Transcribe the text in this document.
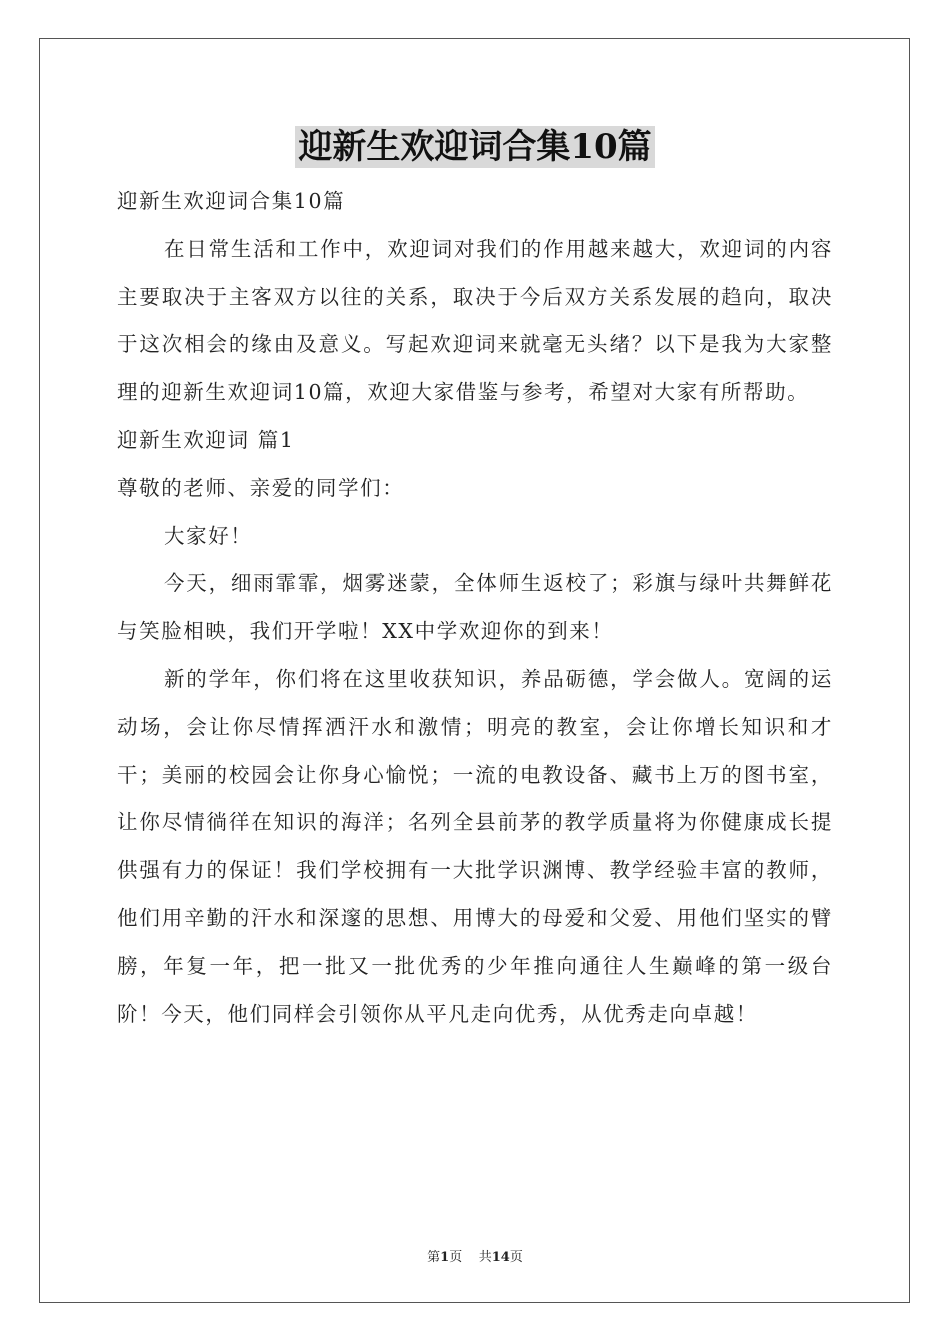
迎新生欢迎词合集10篇

迎新生欢迎词合集10篇

在日常生活和工作中，欢迎词对我们的作用越来越大，欢迎词的内容主要取决于主客双方以往的关系，取决于今后双方关系发展的趋向，取决于这次相会的缘由及意义。写起欢迎词来就毫无头绪？以下是我为大家整理的迎新生欢迎词10篇，欢迎大家借鉴与参考，希望对大家有所帮助。

迎新生欢迎词 篇1

尊敬的老师、亲爱的同学们：

大家好！

今天，细雨霏霏，烟雾迷蒙，全体师生返校了；彩旗与绿叶共舞鲜花与笑脸相映，我们开学啦！XX中学欢迎你的到来！

新的学年，你们将在这里收获知识，养品砺德，学会做人。宽阔的运动场，会让你尽情挥洒汗水和激情；明亮的教室，会让你增长知识和才干；美丽的校园会让你身心愉悦；一流的电教设备、藏书上万的图书室，让你尽情徜徉在知识的海洋；名列全县前茅的教学质量将为你健康成长提供强有力的保证！我们学校拥有一大批学识渊博、教学经验丰富的教师，他们用辛勤的汗水和深邃的思想、用博大的母爱和父爱、用他们坚实的臂膀，年复一年，把一批又一批优秀的少年推向通往人生巅峰的第一级台阶！今天，他们同样会引领你从平凡走向优秀，从优秀走向卓越！

第1页 共14页
